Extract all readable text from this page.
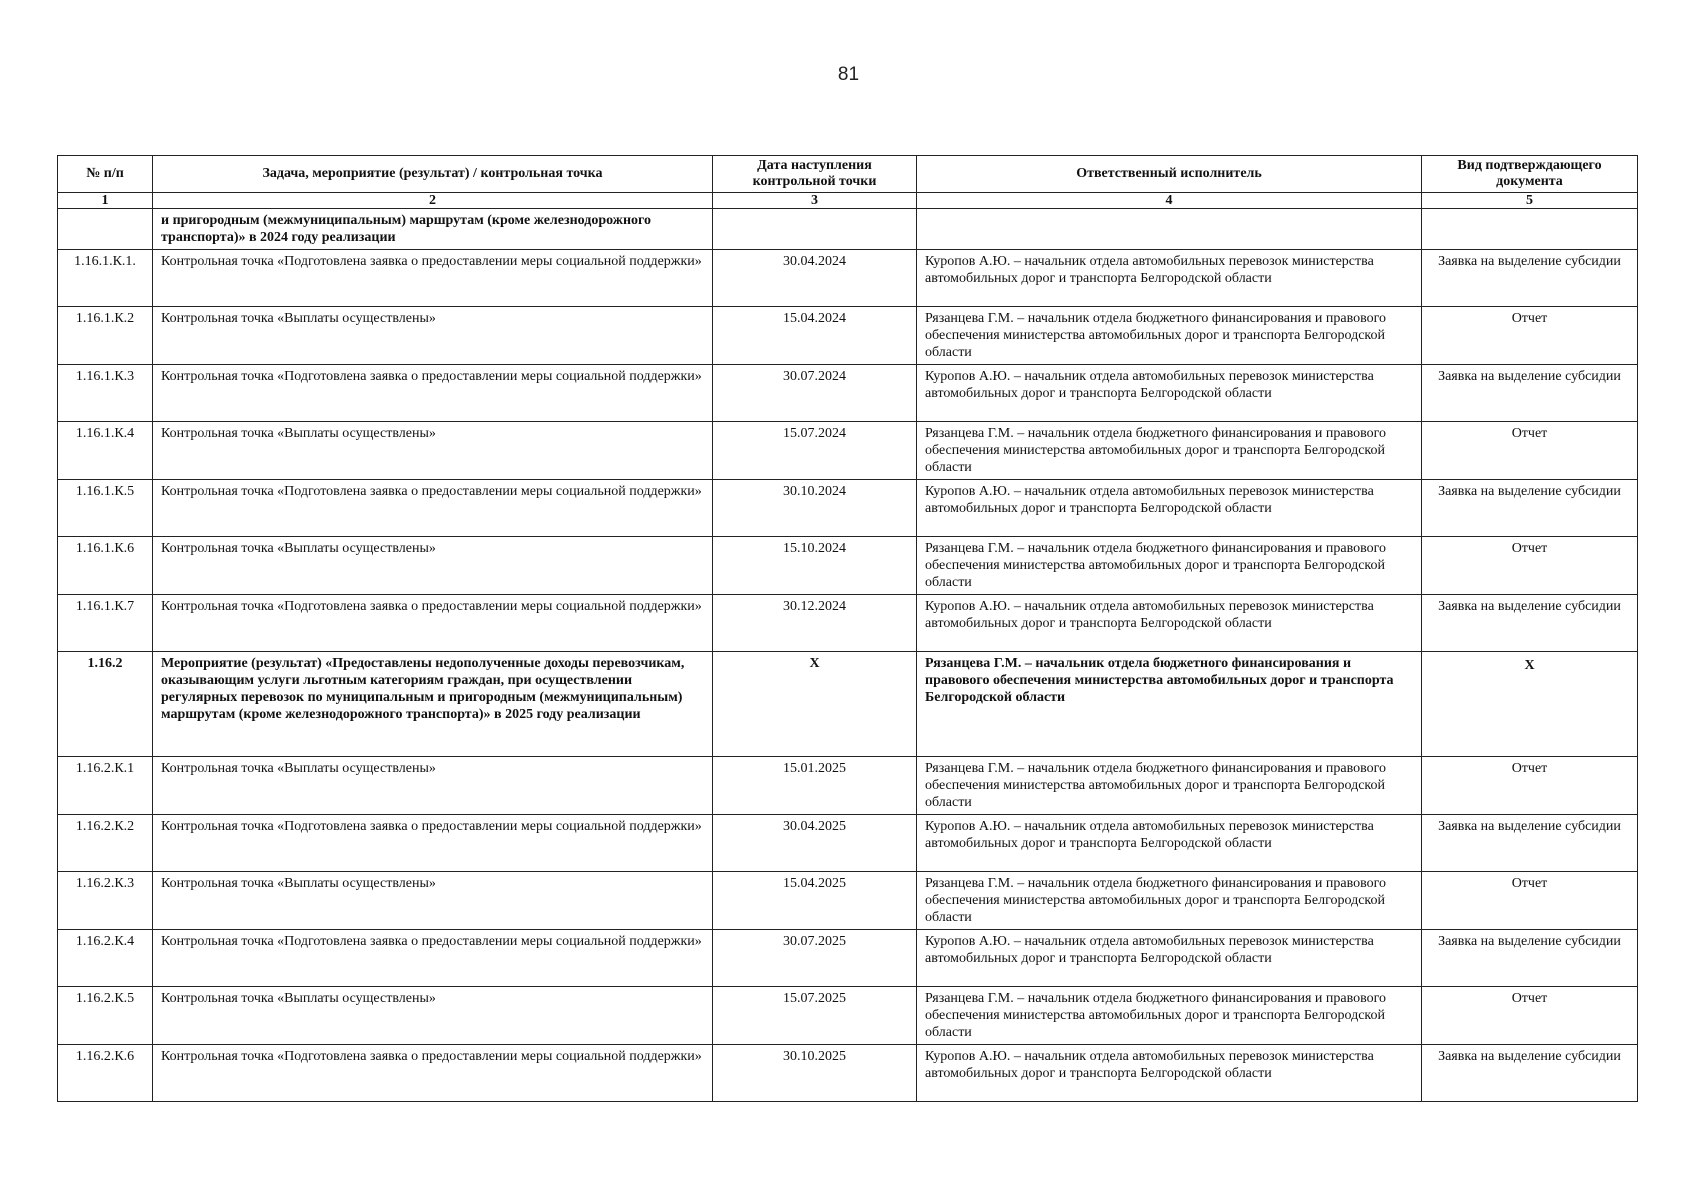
81
№ п/п	Задача, мероприятие (результат) / контрольная точка	Дата наступления контрольной точки	Ответственный исполнитель	Вид подтверждающего документа
1	2	3	4	5
	и пригородным (межмуниципальным) маршрутам (кроме железнодорожного транспорта)» в 2024 году реализации			
1.16.1.К.1.	Контрольная точка «Подготовлена заявка о предоставлении меры социальной поддержки»	30.04.2024	Куропов А.Ю. – начальник отдела автомобильных перевозок министерства автомобильных дорог и транспорта Белгородской области	Заявка на выделение субсидии
1.16.1.К.2	Контрольная точка «Выплаты осуществлены»	15.04.2024	Рязанцева Г.М. – начальник отдела бюджетного финансирования и правового обеспечения министерства автомобильных дорог и транспорта Белгородской области	Отчет
1.16.1.К.3	Контрольная точка «Подготовлена заявка о предоставлении меры социальной поддержки»	30.07.2024	Куропов А.Ю. – начальник отдела автомобильных перевозок министерства автомобильных дорог и транспорта Белгородской области	Заявка на выделение субсидии
1.16.1.К.4	Контрольная точка «Выплаты осуществлены»	15.07.2024	Рязанцева Г.М. – начальник отдела бюджетного финансирования и правового обеспечения министерства автомобильных дорог и транспорта Белгородской области	Отчет
1.16.1.К.5	Контрольная точка «Подготовлена заявка о предоставлении меры социальной поддержки»	30.10.2024	Куропов А.Ю. – начальник отдела автомобильных перевозок министерства автомобильных дорог и транспорта Белгородской области	Заявка на выделение субсидии
1.16.1.К.6	Контрольная точка «Выплаты осуществлены»	15.10.2024	Рязанцева Г.М. – начальник отдела бюджетного финансирования и правового обеспечения министерства автомобильных дорог и транспорта Белгородской области	Отчет
1.16.1.К.7	Контрольная точка «Подготовлена заявка о предоставлении меры социальной поддержки»	30.12.2024	Куропов А.Ю. – начальник отдела автомобильных перевозок министерства автомобильных дорог и транспорта Белгородской области	Заявка на выделение субсидии
1.16.2	Мероприятие (результат) «Предоставлены недополученные доходы перевозчикам, оказывающим услуги льготным категориям граждан, при осуществлении регулярных перевозок по муниципальным и пригородным (межмуниципальным) маршрутам (кроме железнодорожного транспорта)» в 2025 году реализации	X	Рязанцева Г.М. – начальник отдела бюджетного финансирования и правового обеспечения министерства автомобильных дорог и транспорта Белгородской области	X
1.16.2.К.1	Контрольная точка «Выплаты осуществлены»	15.01.2025	Рязанцева Г.М. – начальник отдела бюджетного финансирования и правового обеспечения министерства автомобильных дорог и транспорта Белгородской области	Отчет
1.16.2.К.2	Контрольная точка «Подготовлена заявка о предоставлении меры социальной поддержки»	30.04.2025	Куропов А.Ю. – начальник отдела автомобильных перевозок министерства автомобильных дорог и транспорта Белгородской области	Заявка на выделение субсидии
1.16.2.К.3	Контрольная точка «Выплаты осуществлены»	15.04.2025	Рязанцева Г.М. – начальник отдела бюджетного финансирования и правового обеспечения министерства автомобильных дорог и транспорта Белгородской области	Отчет
1.16.2.К.4	Контрольная точка «Подготовлена заявка о предоставлении меры социальной поддержки»	30.07.2025	Куропов А.Ю. – начальник отдела автомобильных перевозок министерства автомобильных дорог и транспорта Белгородской области	Заявка на выделение субсидии
1.16.2.К.5	Контрольная точка «Выплаты осуществлены»	15.07.2025	Рязанцева Г.М. – начальник отдела бюджетного финансирования и правового обеспечения министерства автомобильных дорог и транспорта Белгородской области	Отчет
1.16.2.К.6	Контрольная точка «Подготовлена заявка о предоставлении меры социальной поддержки»	30.10.2025	Куропов А.Ю. – начальник отдела автомобильных перевозок министерства автомобильных дорог и транспорта Белгородской области	Заявка на выделение субсидии
